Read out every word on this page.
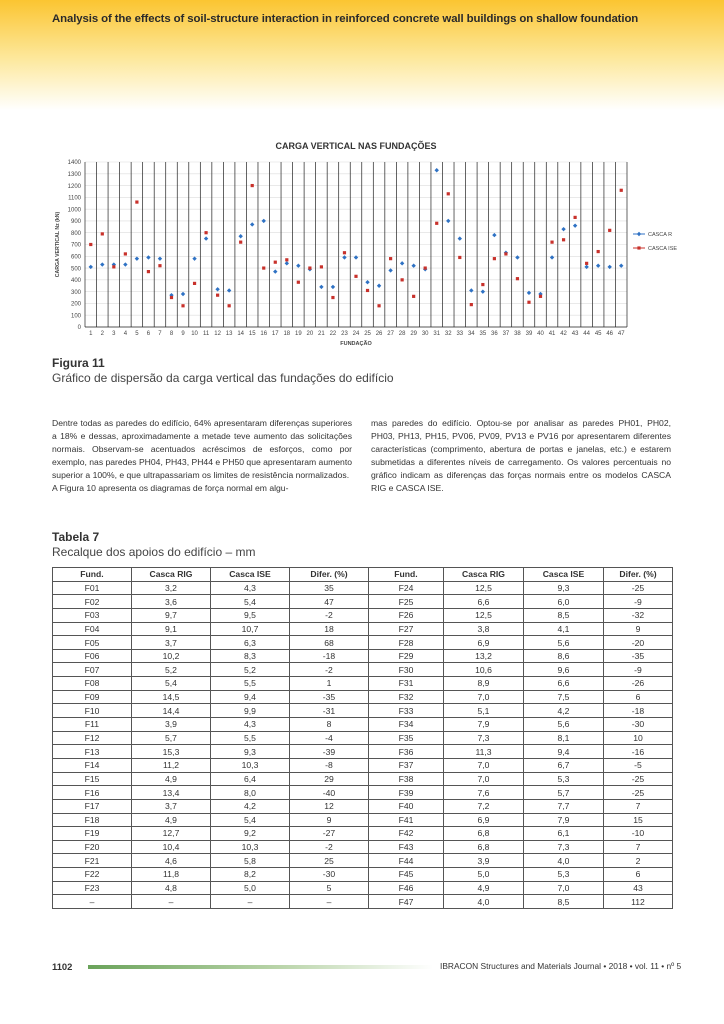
Analysis of the effects of soil-structure interaction in reinforced concrete wall buildings on shallow foundation
CARGA VERTICAL NAS FUNDAÇÕES
0
100
200
300
400
500
600
700
800
900
1000
1100
1200
1300
1400
1 2 3 4 5 6 7 8 9 10 11 12 13 14 15 16 17 18 19 20 21 22 23 24 25 26 27 28 29 30 31 32 33 34 35 36 37 38 39 40 41 42 43 44 45 46 47
FUNDAÇÃO
CARGA VERTICAL Nz (kN)	CASCA R
CASCA ISE
Figura 11
Gráfico de dispersão da carga vertical das fundações do edifício
Dentre todas as paredes do edifício, 64% apresentaram diferenças superiores a 18% e dessas, aproximadamente a metade teve aumento das solicitações normais. Observam-se acentuados acréscimos de esforços, como por exemplo, nas paredes PH04, PH43, PH44 e PH50 que apresentaram aumento superior a 100%, e que ultrapassariam os limites de resistência normalizados.
A Figura 10 apresenta os diagramas de força normal em algu-
mas paredes do edifício. Optou-se por analisar as paredes PH01, PH02, PH03, PH13, PH15, PV06, PV09, PV13 e PV16 por apresentarem diferentes características (comprimento, abertura de portas e janelas, etc.) e estarem submetidas a diferentes níveis de carregamento. Os valores percentuais no gráfico indicam as diferenças das forças normais entre os modelos CASCA RIG e CASCA ISE.
Tabela 7
Recalque dos apoios do edifício – mm
Fund.	Casca RIG	Casca ISE	Difer. (%)	Fund.	Casca RIG	Casca ISE	Difer. (%)
F01	3,2	4,3	35	F24	12,5	9,3	-25
F02	3,6	5,4	47	F25	6,6	6,0	-9
F03	9,7	9,5	-2	F26	12,5	8,5	-32
F04	9,1	10,7	18	F27	3,8	4,1	9
F05	3,7	6,3	68	F28	6,9	5,6	-20
F06	10,2	8,3	-18	F29	13,2	8,6	-35
F07	5,2	5,2	-2	F30	10,6	9,6	-9
F08	5,4	5,5	1	F31	8,9	6,6	-26
F09	14,5	9,4	-35	F32	7,0	7,5	6
F10	14,4	9,9	-31	F33	5,1	4,2	-18
F11	3,9	4,3	8	F34	7,9	5,6	-30
F12	5,7	5,5	-4	F35	7,3	8,1	10
F13	15,3	9,3	-39	F36	11,3	9,4	-16
F14	11,2	10,3	-8	F37	7,0	6,7	-5
F15	4,9	6,4	29	F38	7,0	5,3	-25
F16	13,4	8,0	-40	F39	7,6	5,7	-25
F17	3,7	4,2	12	F40	7,2	7,7	7
F18	4,9	5,4	9	F41	6,9	7,9	15
F19	12,7	9,2	-27	F42	6,8	6,1	-10
F20	10,4	10,3	-2	F43	6,8	7,3	7
F21	4,6	5,8	25	F44	3,9	4,0	2
F22	11,8	8,2	-30	F45	5,0	5,3	6
F23	4,8	5,0	5	F46	4,9	7,0	43
–	–	–	–	F47	4,0	8,5	112
1102	IBRACON Structures and Materials Journal • 2018 • vol. 11 • nº 5
